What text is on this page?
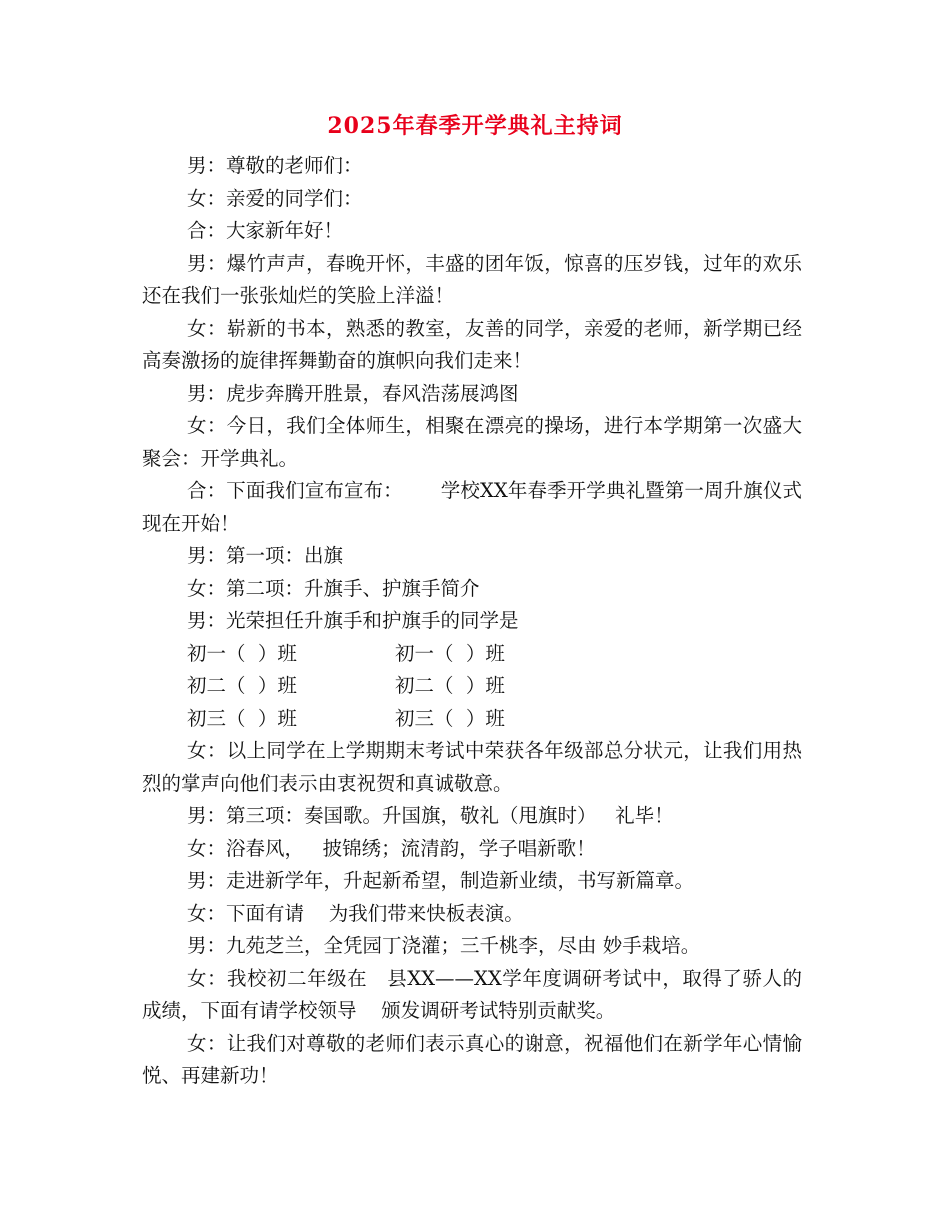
2025年春季开学典礼主持词

男：尊敬的老师们：

女：亲爱的同学们：

合：大家新年好！

男：爆竹声声，春晚开怀，丰盛的团年饭，惊喜的压岁钱，过年的欢乐还在我们一张张灿烂的笑脸上洋溢！

女：崭新的书本，熟悉的教室，友善的同学，亲爱的老师，新学期已经高奏激扬的旋律挥舞勤奋的旗帜向我们走来！

男：虎步奔腾开胜景，春风浩荡展鸿图

女：今日，我们全体师生，相聚在漂亮的操场，进行本学期第一次盛大聚会：开学典礼。

合：下面我们宣布宣布：      学校XX年春季开学典礼暨第一周升旗仪式现在开始！

男：第一项：出旗

女：第二项：升旗手、护旗手简介

男：光荣担任升旗手和护旗手的同学是

初一（  ）班	初一（  ）班

初二（  ）班	初二（  ）班

初三（  ）班	初三（  ）班

女：以上同学在上学期期末考试中荣获各年级部总分状元，让我们用热烈的掌声向他们表示由衷祝贺和真诚敬意。

男：第三项：奏国歌。升国旗，敬礼（甩旗时）   礼毕！

女：浴春风，   披锦绣；流清韵，学子唱新歌！

男：走进新学年，升起新希望，制造新业绩，书写新篇章。

女：下面有请    为我们带来快板表演。

男：九苑芝兰，全凭园丁浇灌；三千桃李，尽由 妙手栽培。

女：我校初二年级在   县XX——XX学年度调研考试中，取得了骄人的成绩，下面有请学校领导    颁发调研考试特别贡献奖。

女：让我们对尊敬的老师们表示真心的谢意，祝福他们在新学年心情愉悦、再建新功！
